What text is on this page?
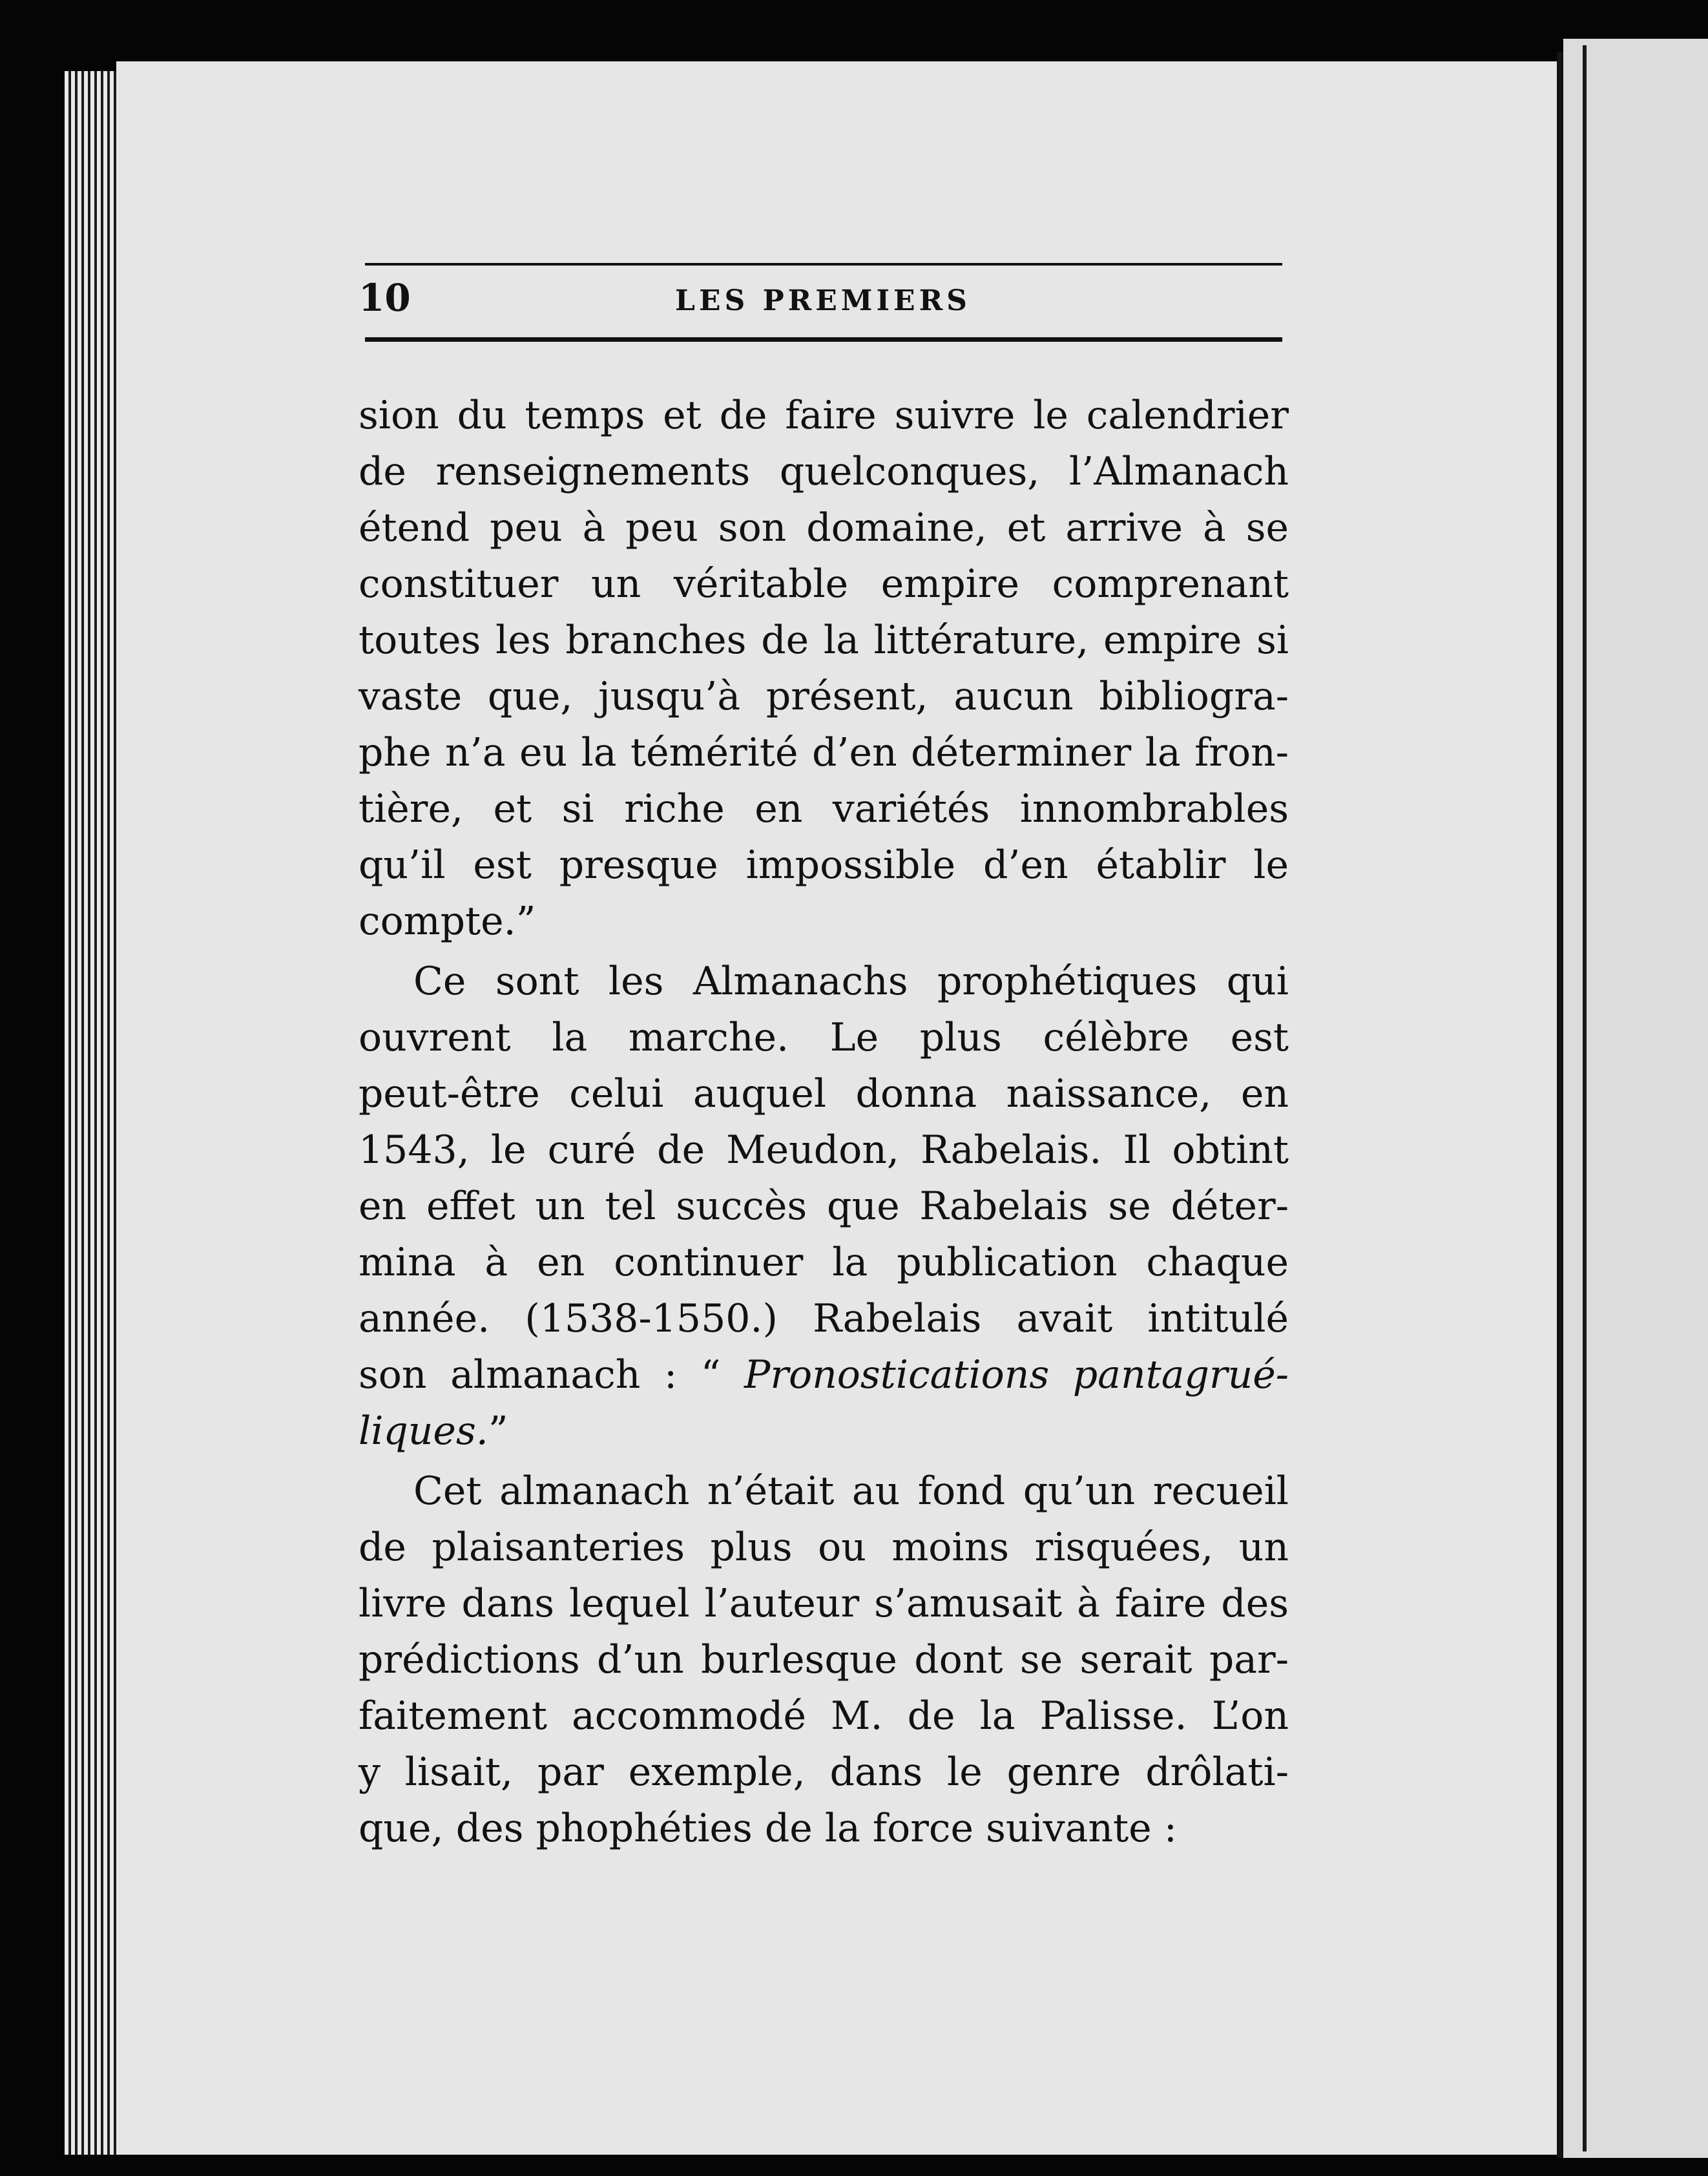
10	LES PREMIERS
sion du temps et de faire suivre le calendrier
de renseignements quelconques, l’Almanach
étend peu à peu son domaine, et arrive à se
constituer un véritable empire comprenant
toutes les branches de la littérature, empire si
vaste que, jusqu’à présent, aucun bibliogra-
phe n’a eu la témérité d’en déterminer la fron-
tière, et si riche en variétés innombrables
qu’il est presque impossible d’en établir le
compte.”
Ce sont les Almanachs prophétiques qui
ouvrent la marche. Le plus célèbre est
peut-être celui auquel donna naissance, en
1543, le curé de Meudon, Rabelais. Il obtint
en effet un tel succès que Rabelais se déter-
mina à en continuer la publication chaque
année. (1538-1550.) Rabelais avait intitulé
son almanach : “ Pronostications pantagrué-
liques.”
Cet almanach n’était au fond qu’un recueil
de plaisanteries plus ou moins risquées, un
livre dans lequel l’auteur s’amusait à faire des
prédictions d’un burlesque dont se serait par-
faitement accommodé M. de la Palisse. L’on
y lisait, par exemple, dans le genre drôlati-
que, des phophéties de la force suivante :
